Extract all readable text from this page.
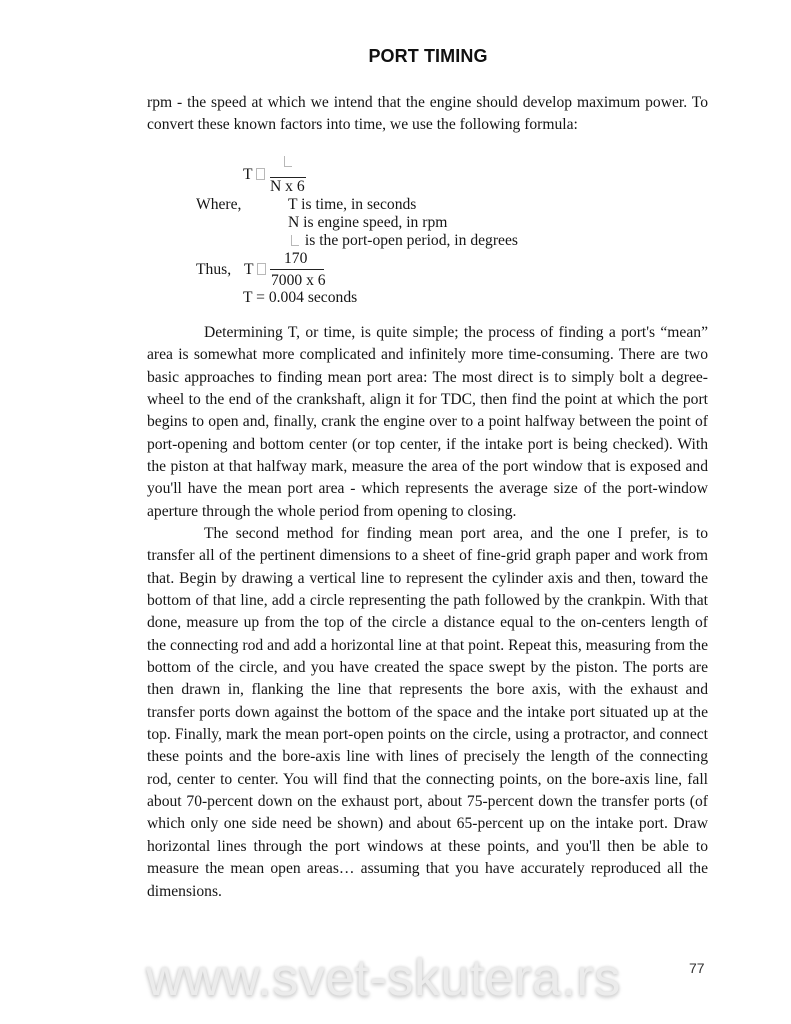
PORT TIMING

rpm - the speed at which we intend that the engine should develop maximum power. To convert these known factors into time, we use the following formula:

T
N x 6
Where,	T is time, in seconds
N is engine speed, in rpm
is the port-open period, in degrees
Thus, T
170
7000 x 6
T = 0.004 seconds

Determining T, or time, is quite simple; the process of finding a port's “mean” area is somewhat more complicated and infinitely more time-consuming. There are two basic approaches to finding mean port area: The most direct is to simply bolt a degree-wheel to the end of the crankshaft, align it for TDC, then find the point at which the port begins to open and, finally, crank the engine over to a point halfway between the point of port-opening and bottom center (or top center, if the intake port is being checked). With the piston at that halfway mark, measure the area of the port window that is exposed and you'll have the mean port area - which represents the average size of the port-window aperture through the whole period from opening to closing.

The second method for finding mean port area, and the one I prefer, is to transfer all of the pertinent dimensions to a sheet of fine-grid graph paper and work from that. Begin by drawing a vertical line to represent the cylinder axis and then, toward the bottom of that line, add a circle representing the path followed by the crankpin. With that done, measure up from the top of the circle a distance equal to the on-centers length of the connecting rod and add a horizontal line at that point. Repeat this, measuring from the bottom of the circle, and you have created the space swept by the piston. The ports are then drawn in, flanking the line that represents the bore axis, with the exhaust and transfer ports down against the bottom of the space and the intake port situated up at the top. Finally, mark the mean port-open points on the circle, using a protractor, and connect these points and the bore-axis line with lines of precisely the length of the connecting rod, center to center. You will find that the connecting points, on the bore-axis line, fall about 70-percent down on the exhaust port, about 75-percent down the transfer ports (of which only one side need be shown) and about 65-percent up on the intake port. Draw horizontal lines through the port windows at these points, and you'll then be able to measure the mean open areas… assuming that you have accurately reproduced all the dimensions.

www.svet-skutera.rs	77
